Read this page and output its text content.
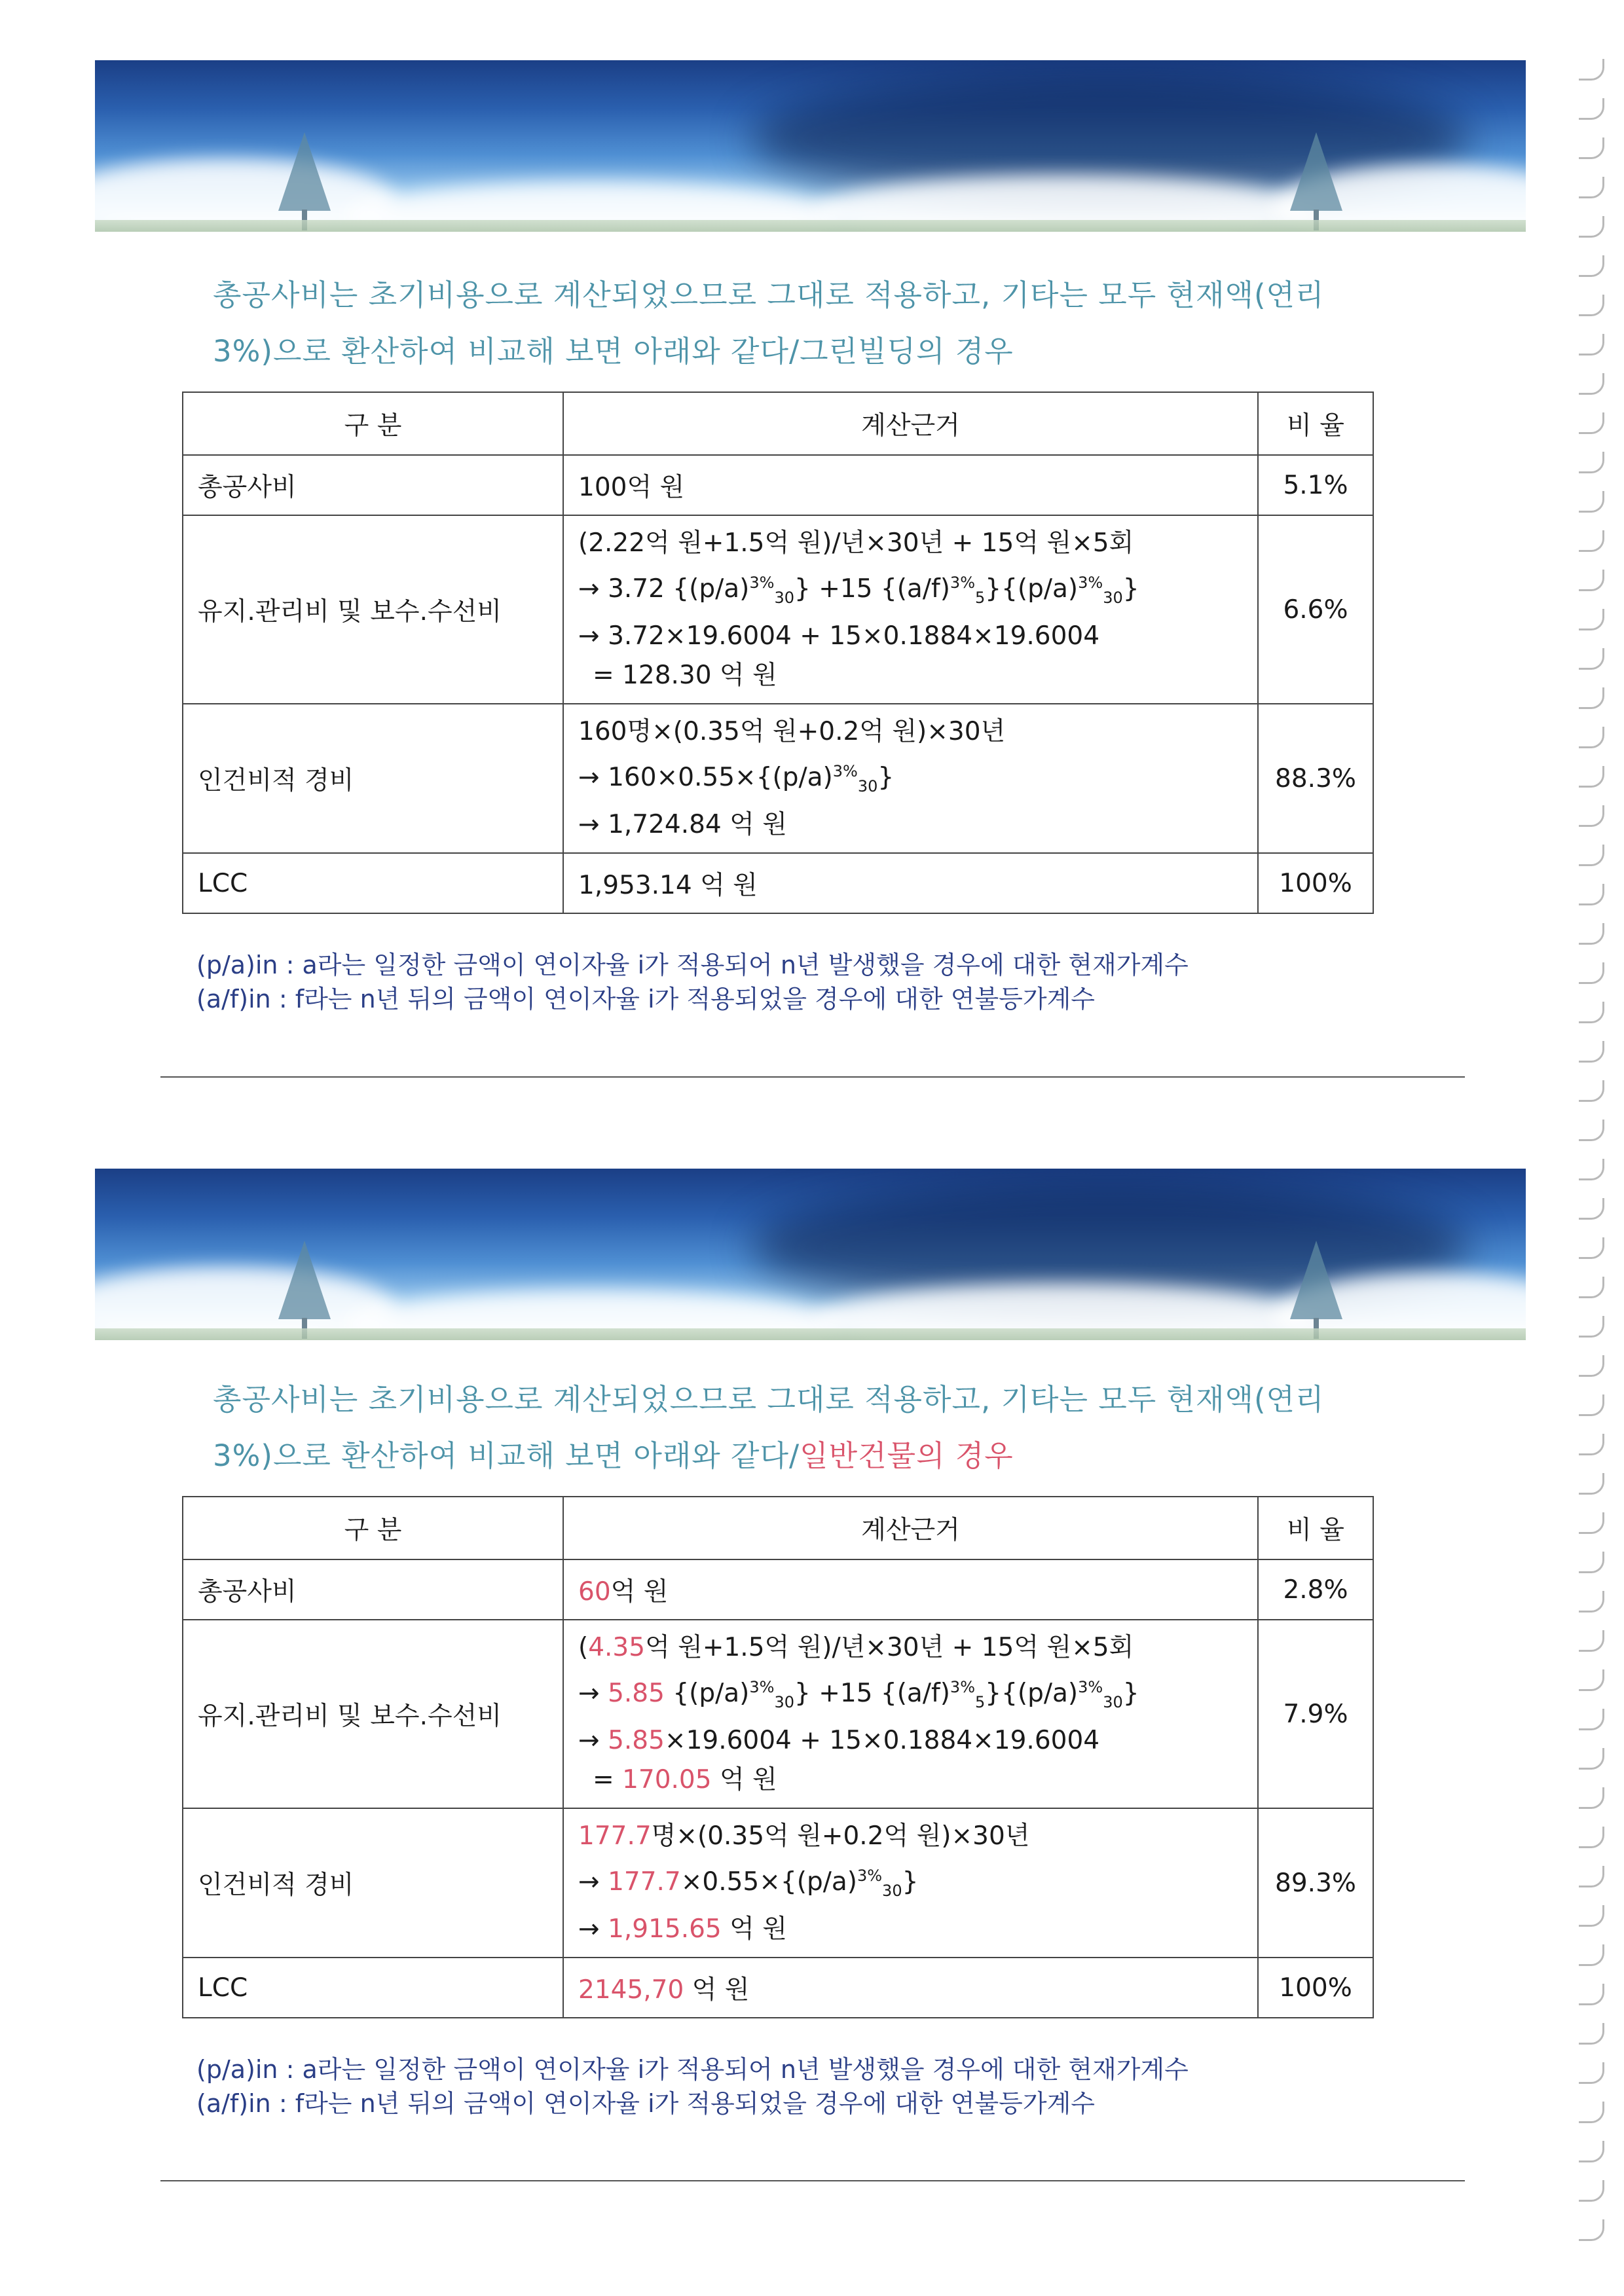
총공사비는 초기비용으로 계산되었으므로 그대로 적용하고, 기타는 모두 현재액(연리
3%)으로 환산하여 비교해 보면 아래와 같다/그린빌딩의 경우
구 분	계산근거	비 율
총공사비	100억 원	5.1%
유지.관리비 및 보수.수선비	(2.22억 원+1.5억 원)/년×30년 + 15억 원×5회
→ 3.72 $\{(p/a)^{3\%}_{30}\} +15$ $\{(a/f)^{3\%}_5\}\{(p/a)^{3\%}_{30}\}$
→ 3.72×19.6004 + 15×0.1884×19.6004
= 128.30 억 원	6.6%
인건비적 경비	160명×(0.35억 원+0.2억 원)×30년
→ $160\times 0.55\times\{(p/a)^{3\%}_{30}\}$
→ 1,724.84 억 원	88.3%
LCC	1,953.14 억 원	100%
(p/a)in : a라는 일정한 금액이 연이자율 i가 적용되어 n년 발생했을 경우에 대한 현재가계수
(a/f)in : f라는 n년 뒤의 금액이 연이자율 i가 적용되었을 경우에 대한 연불등가계수
총공사비는 초기비용으로 계산되었으므로 그대로 적용하고, 기타는 모두 현재액(연리
3%)으로 환산하여 비교해 보면 아래와 같다/일반건물의 경우
구 분	계산근거	비 율
총공사비	60억 원	2.8%
유지.관리비 및 보수.수선비	(4.35억 원+1.5억 원)/년×30년 + 15억 원×5회
→ 5.85 $\{(p/a)^{3\%}_{30}\} +15$ $\{(a/f)^{3\%}_5\}\{(p/a)^{3\%}_{30}\}$
→ 5.85×19.6004 + 15×0.1884×19.6004
= 170.05 억 원	7.9%
인건비적 경비	177.7명×(0.35억 원+0.2억 원)×30년
→ $177.7\times 0.55\times\{(p/a)^{3\%}_{30}\}$
→ 1,915.65 억 원	89.3%
LCC	2145,70 억 원	100%
(p/a)in : a라는 일정한 금액이 연이자율 i가 적용되어 n년 발생했을 경우에 대한 현재가계수
(a/f)in : f라는 n년 뒤의 금액이 연이자율 i가 적용되었을 경우에 대한 연불등가계수
